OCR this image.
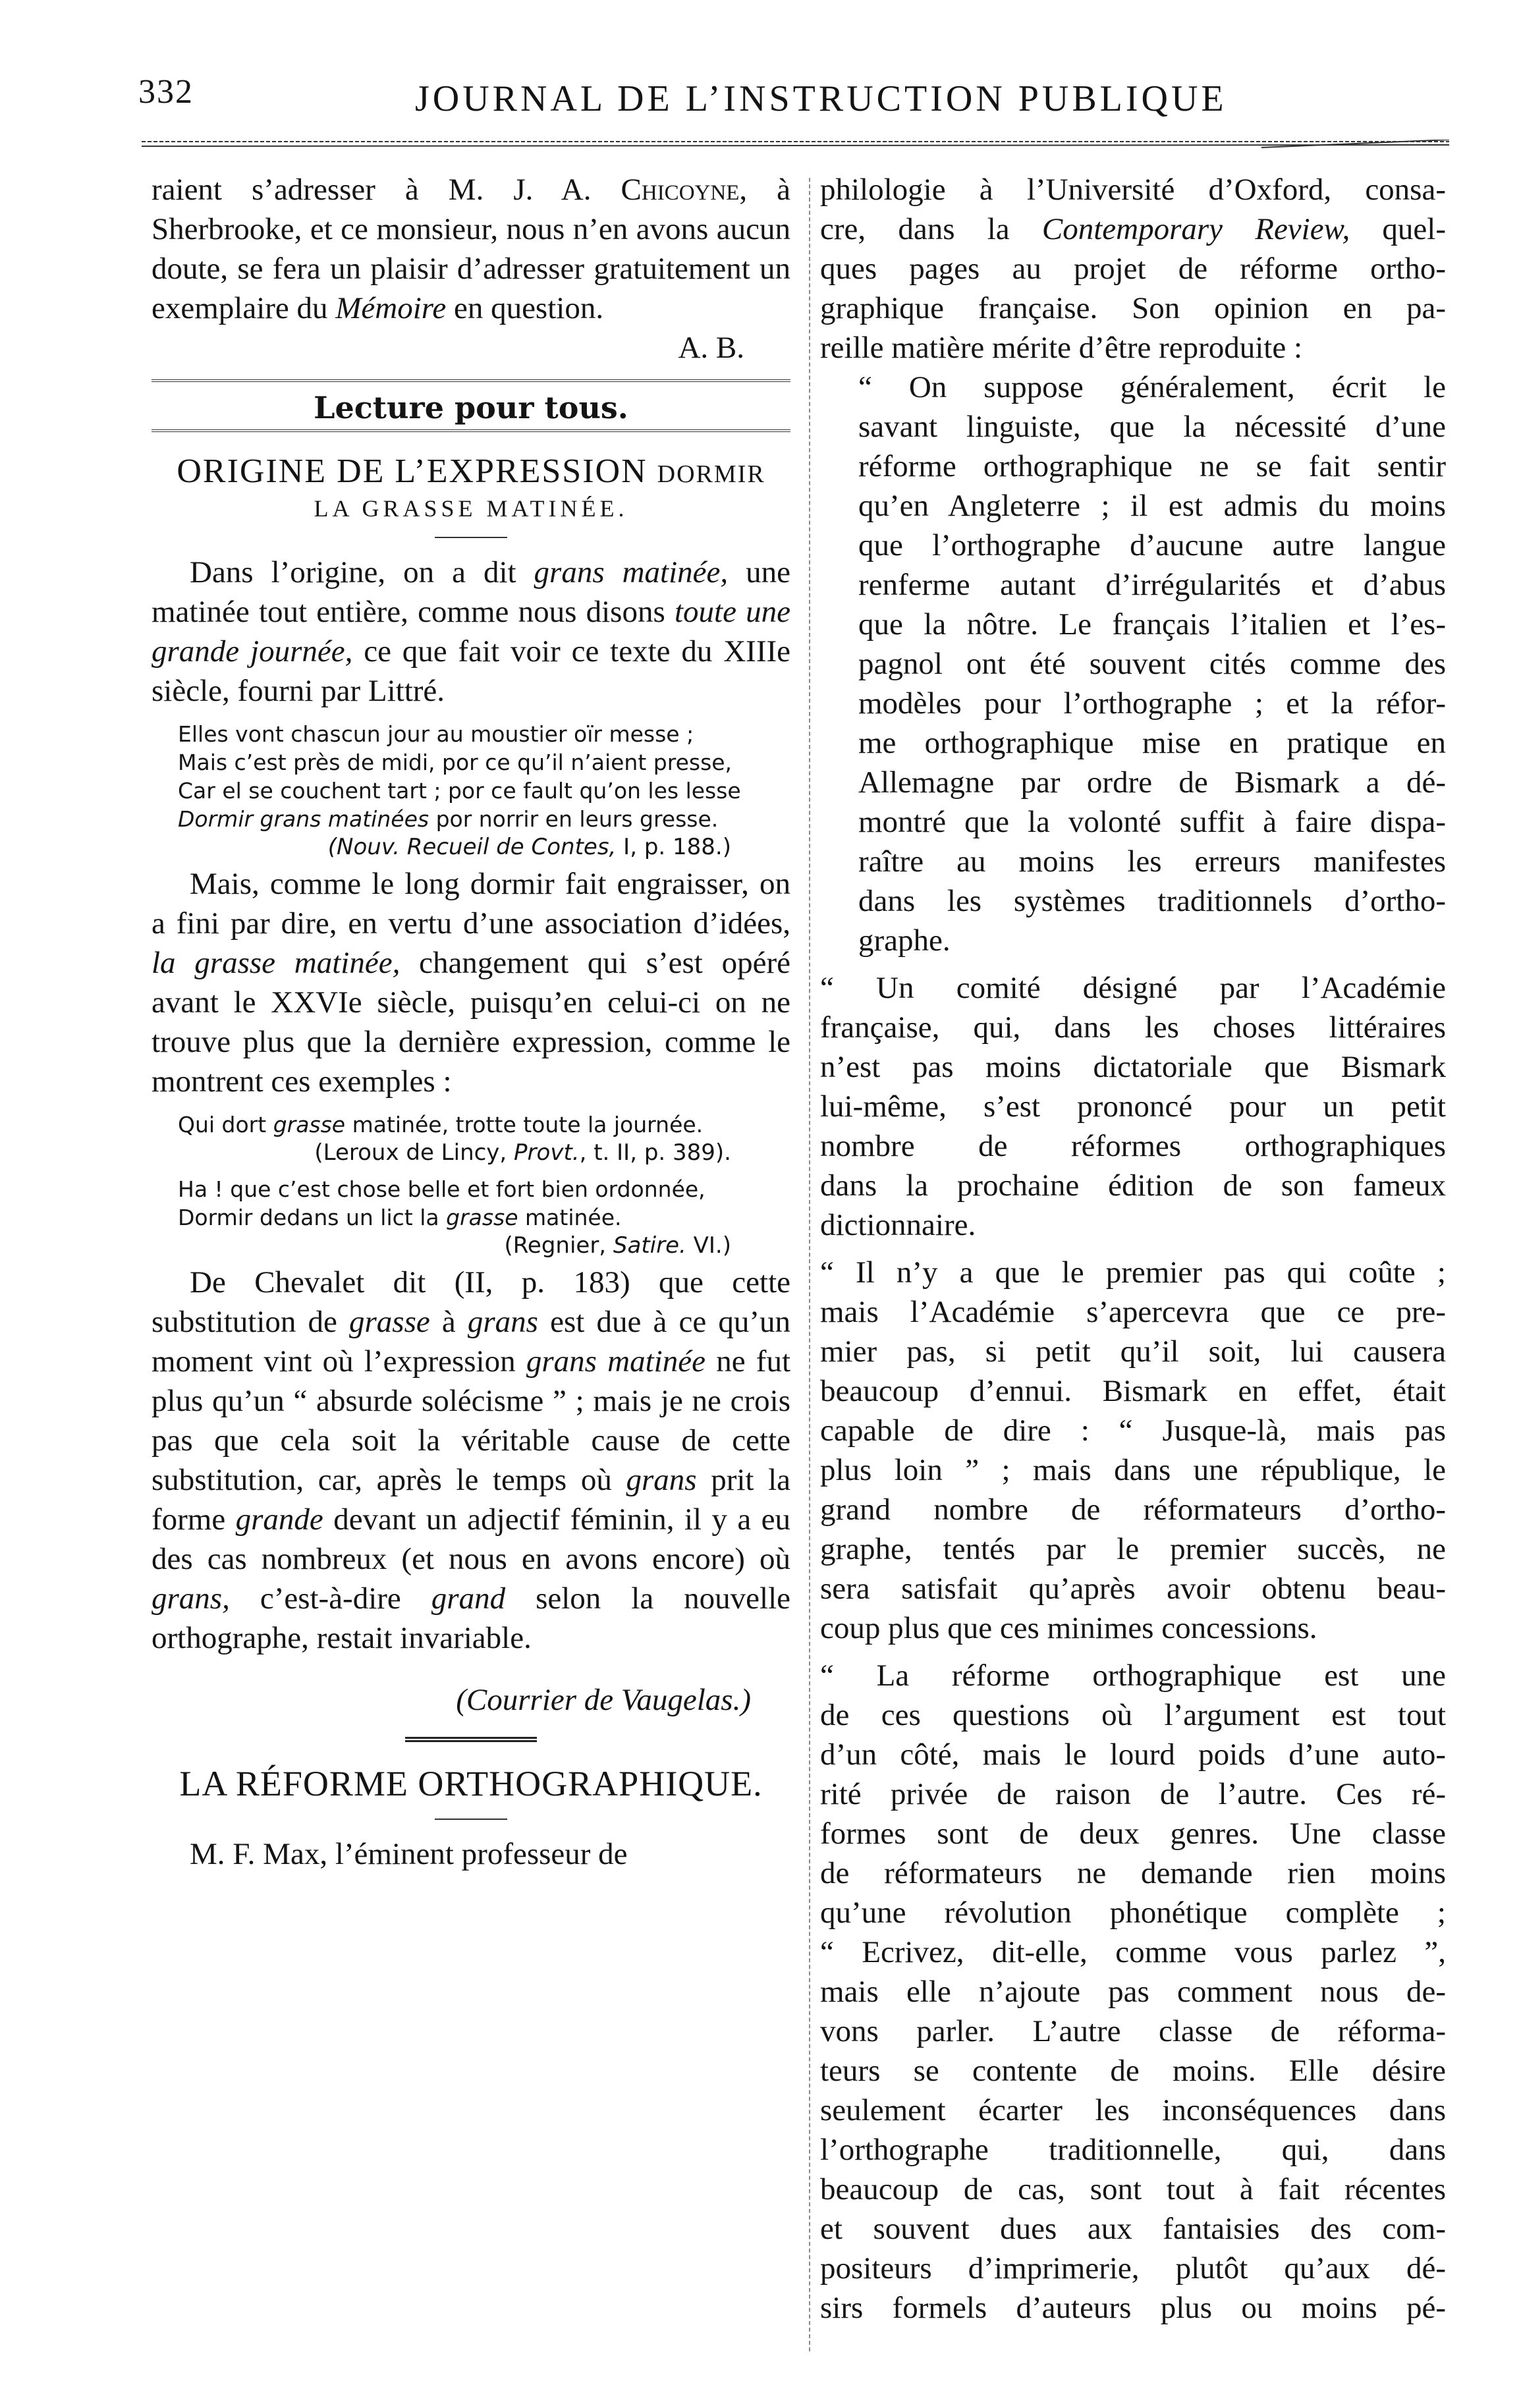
332	JOURNAL DE L’INSTRUCTION PUBLIQUE

raient s’adresser à M. J. A. Chicoyne, à Sherbrooke, et ce monsieur, nous n’en avons aucun doute, se fera un plaisir d’adresser gratuitement un exemplaire du Mémoire en question.

A. B.

Lecture pour tous.
ORIGINE DE L’EXPRESSION DORMIR
LA GRASSE MATINÉE.

Dans l’origine, on a dit grans matinée, une matinée tout entière, comme nous disons toute une grande journée, ce que fait voir ce texte du XIIIe siècle, fourni par Littré.

Elles vont chascun jour au moustier oïr messe ;
Mais c’est près de midi, por ce qu’il n’aient presse,
Car el se couchent tart ; por ce fault qu’on les lesse
Dormir grans matinées por norrir en leurs gresse.
(Nouv. Recueil de Contes, I, p. 188.)

Mais, comme le long dormir fait engraisser, on a fini par dire, en vertu d’une association d’idées, la grasse matinée, changement qui s’est opéré avant le XXVIe siècle, puisqu’en celui-ci on ne trouve plus que la dernière expression, comme le montrent ces exemples :

Qui dort grasse matinée, trotte toute la journée.
(Leroux de Lincy, Provt., t. II, p. 389).
Ha ! que c’est chose belle et fort bien ordonnée,
Dormir dedans un lict la grasse matinée.
(Regnier, Satire. VI.)

De Chevalet dit (II, p. 183) que cette substitution de grasse à grans est due à ce qu’un moment vint où l’expression grans matinée ne fut plus qu’un “ absurde solécisme ” ; mais je ne crois pas que cela soit la véritable cause de cette substitution, car, après le temps où grans prit la forme grande devant un adjectif féminin, il y a eu des cas nombreux (et nous en avons encore) où grans, c’est-à-dire grand selon la nouvelle orthographe, restait invariable.

(Courrier de Vaugelas.)

LA RÉFORME ORTHOGRAPHIQUE.

M. F. Max, l’éminent professeur de

philologie à l’Université d’Oxford, consa-
cre, dans la Contemporary Review, quel-
ques pages au projet de réforme ortho-
graphique française. Son opinion en pa-
reille matière mérite d’être reproduite :
“ On suppose généralement, écrit le
savant linguiste, que la nécessité d’une
réforme orthographique ne se fait sentir
qu’en Angleterre ; il est admis du moins
que l’orthographe d’aucune autre langue
renferme autant d’irrégularités et d’abus
que la nôtre. Le français l’italien et l’es-
pagnol ont été souvent cités comme des
modèles pour l’orthographe ; et la réfor-
me orthographique mise en pratique en
Allemagne par ordre de Bismark a dé-
montré que la volonté suffit à faire dispa-
raître au moins les erreurs manifestes
dans les systèmes traditionnels d’ortho-
graphe.
“ Un comité désigné par l’Académie
française, qui, dans les choses littéraires
n’est pas moins dictatoriale que Bismark
lui-même, s’est prononcé pour un petit
nombre de réformes orthographiques
dans la prochaine édition de son fameux
dictionnaire.
“ Il n’y a que le premier pas qui coûte ;
mais l’Académie s’apercevra que ce pre-
mier pas, si petit qu’il soit, lui causera
beaucoup d’ennui. Bismark en effet, était
capable de dire : “ Jusque-là, mais pas
plus loin ” ; mais dans une république, le
grand nombre de réformateurs d’ortho-
graphe, tentés par le premier succès, ne
sera satisfait qu’après avoir obtenu beau-
coup plus que ces minimes concessions.
“ La réforme orthographique est une
de ces questions où l’argument est tout
d’un côté, mais le lourd poids d’une auto-
rité privée de raison de l’autre. Ces ré-
formes sont de deux genres. Une classe
de réformateurs ne demande rien moins
qu’une révolution phonétique complète ;
“ Ecrivez, dit-elle, comme vous parlez ”,
mais elle n’ajoute pas comment nous de-
vons parler. L’autre classe de réforma-
teurs se contente de moins. Elle désire
seulement écarter les inconséquences dans
l’orthographe traditionnelle, qui, dans
beaucoup de cas, sont tout à fait récentes
et souvent dues aux fantaisies des com-
positeurs d’imprimerie, plutôt qu’aux dé-
sirs formels d’auteurs plus ou moins pé-
